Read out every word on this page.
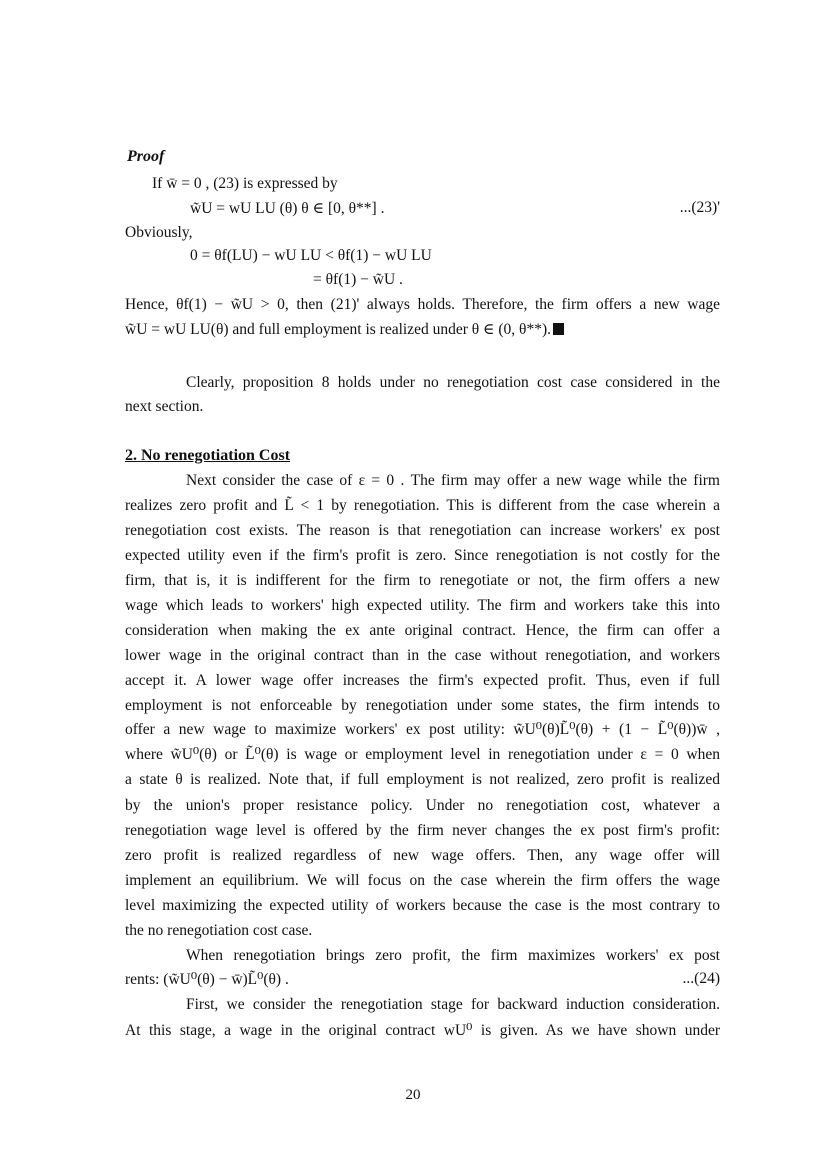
Proof
If w̄ = 0 , (23) is expressed by
w̃U = wU LU (θ) θ ∈ [0, θ**] .	...(23)'
Obviously,
0 = θf(LU) − wU LU < θf(1) − wU LU
= θf(1) − w̃U .
Hence, θf(1) − w̃U > 0, then (21)' always holds. Therefore, the firm offers a new wage
w̃U = wU LU(θ) and full employment is realized under θ ∈ (0, θ**).
Clearly, proposition 8 holds under no renegotiation cost case considered in the
next section.
2. No renegotiation Cost
Next consider the case of ε = 0 . The firm may offer a new wage while the firm
realizes zero profit and L̃ < 1 by renegotiation. This is different from the case wherein a
renegotiation cost exists. The reason is that renegotiation can increase workers' ex post
expected utility even if the firm's profit is zero. Since renegotiation is not costly for the
firm, that is, it is indifferent for the firm to renegotiate or not, the firm offers a new
wage which leads to workers' high expected utility. The firm and workers take this into
consideration when making the ex ante original contract. Hence, the firm can offer a
lower wage in the original contract than in the case without renegotiation, and workers
accept it. A lower wage offer increases the firm's expected profit. Thus, even if full
employment is not enforceable by renegotiation under some states, the firm intends to
offer a new wage to maximize workers' ex post utility: w̃U⁰(θ)L̃⁰(θ) + (1 − L̃⁰(θ))w̄ ,
where w̃U⁰(θ) or L̃⁰(θ) is wage or employment level in renegotiation under ε = 0 when
a state θ is realized. Note that, if full employment is not realized, zero profit is realized
by the union's proper resistance policy. Under no renegotiation cost, whatever a
renegotiation wage level is offered by the firm never changes the ex post firm's profit:
zero profit is realized regardless of new wage offers. Then, any wage offer will
implement an equilibrium. We will focus on the case wherein the firm offers the wage
level maximizing the expected utility of workers because the case is the most contrary to
the no renegotiation cost case.
When renegotiation brings zero profit, the firm maximizes workers' ex post
rents: (w̃U⁰(θ) − w̄)L̃⁰(θ) .	...(24)
First, we consider the renegotiation stage for backward induction consideration.
At this stage, a wage in the original contract wU⁰ is given. As we have shown under
20
